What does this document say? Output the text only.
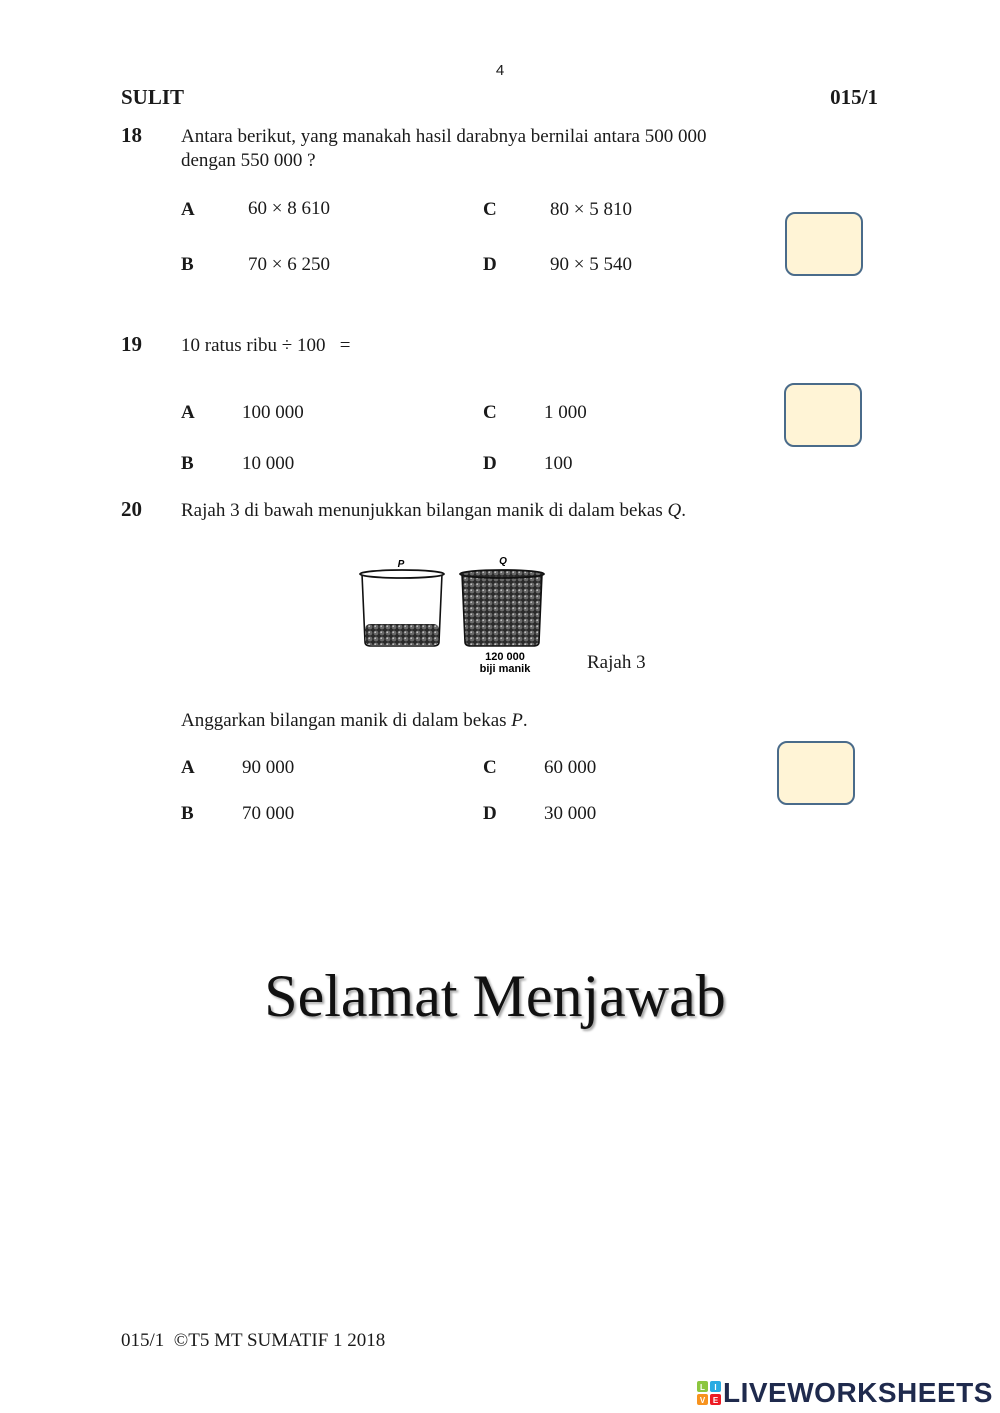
4
SULIT	015/1
18 Antara berikut, yang manakah hasil darabnya bernilai antara 500 000
dengan 550 000 ?
A	60 × 8 610
B	70 × 6 250
C	80 × 5 810
D	90 × 5 540
19 10 ratus ribu ÷ 100   =
A 100 000
B	10 000
C 1 000
D 100
20 Rajah 3 di bawah menunjukkan bilangan manik di dalam bekas Q.
P	Q
120 000
biji manik	Rajah 3
Anggarkan bilangan manik di dalam bekas P.
A 90 000
B	70 000
C 60 000
D 30 000
Selamat Menjawab
015/1  ©T5 MT SUMATIF 1 2018
L I
V E LIVEWORKSHEETS
